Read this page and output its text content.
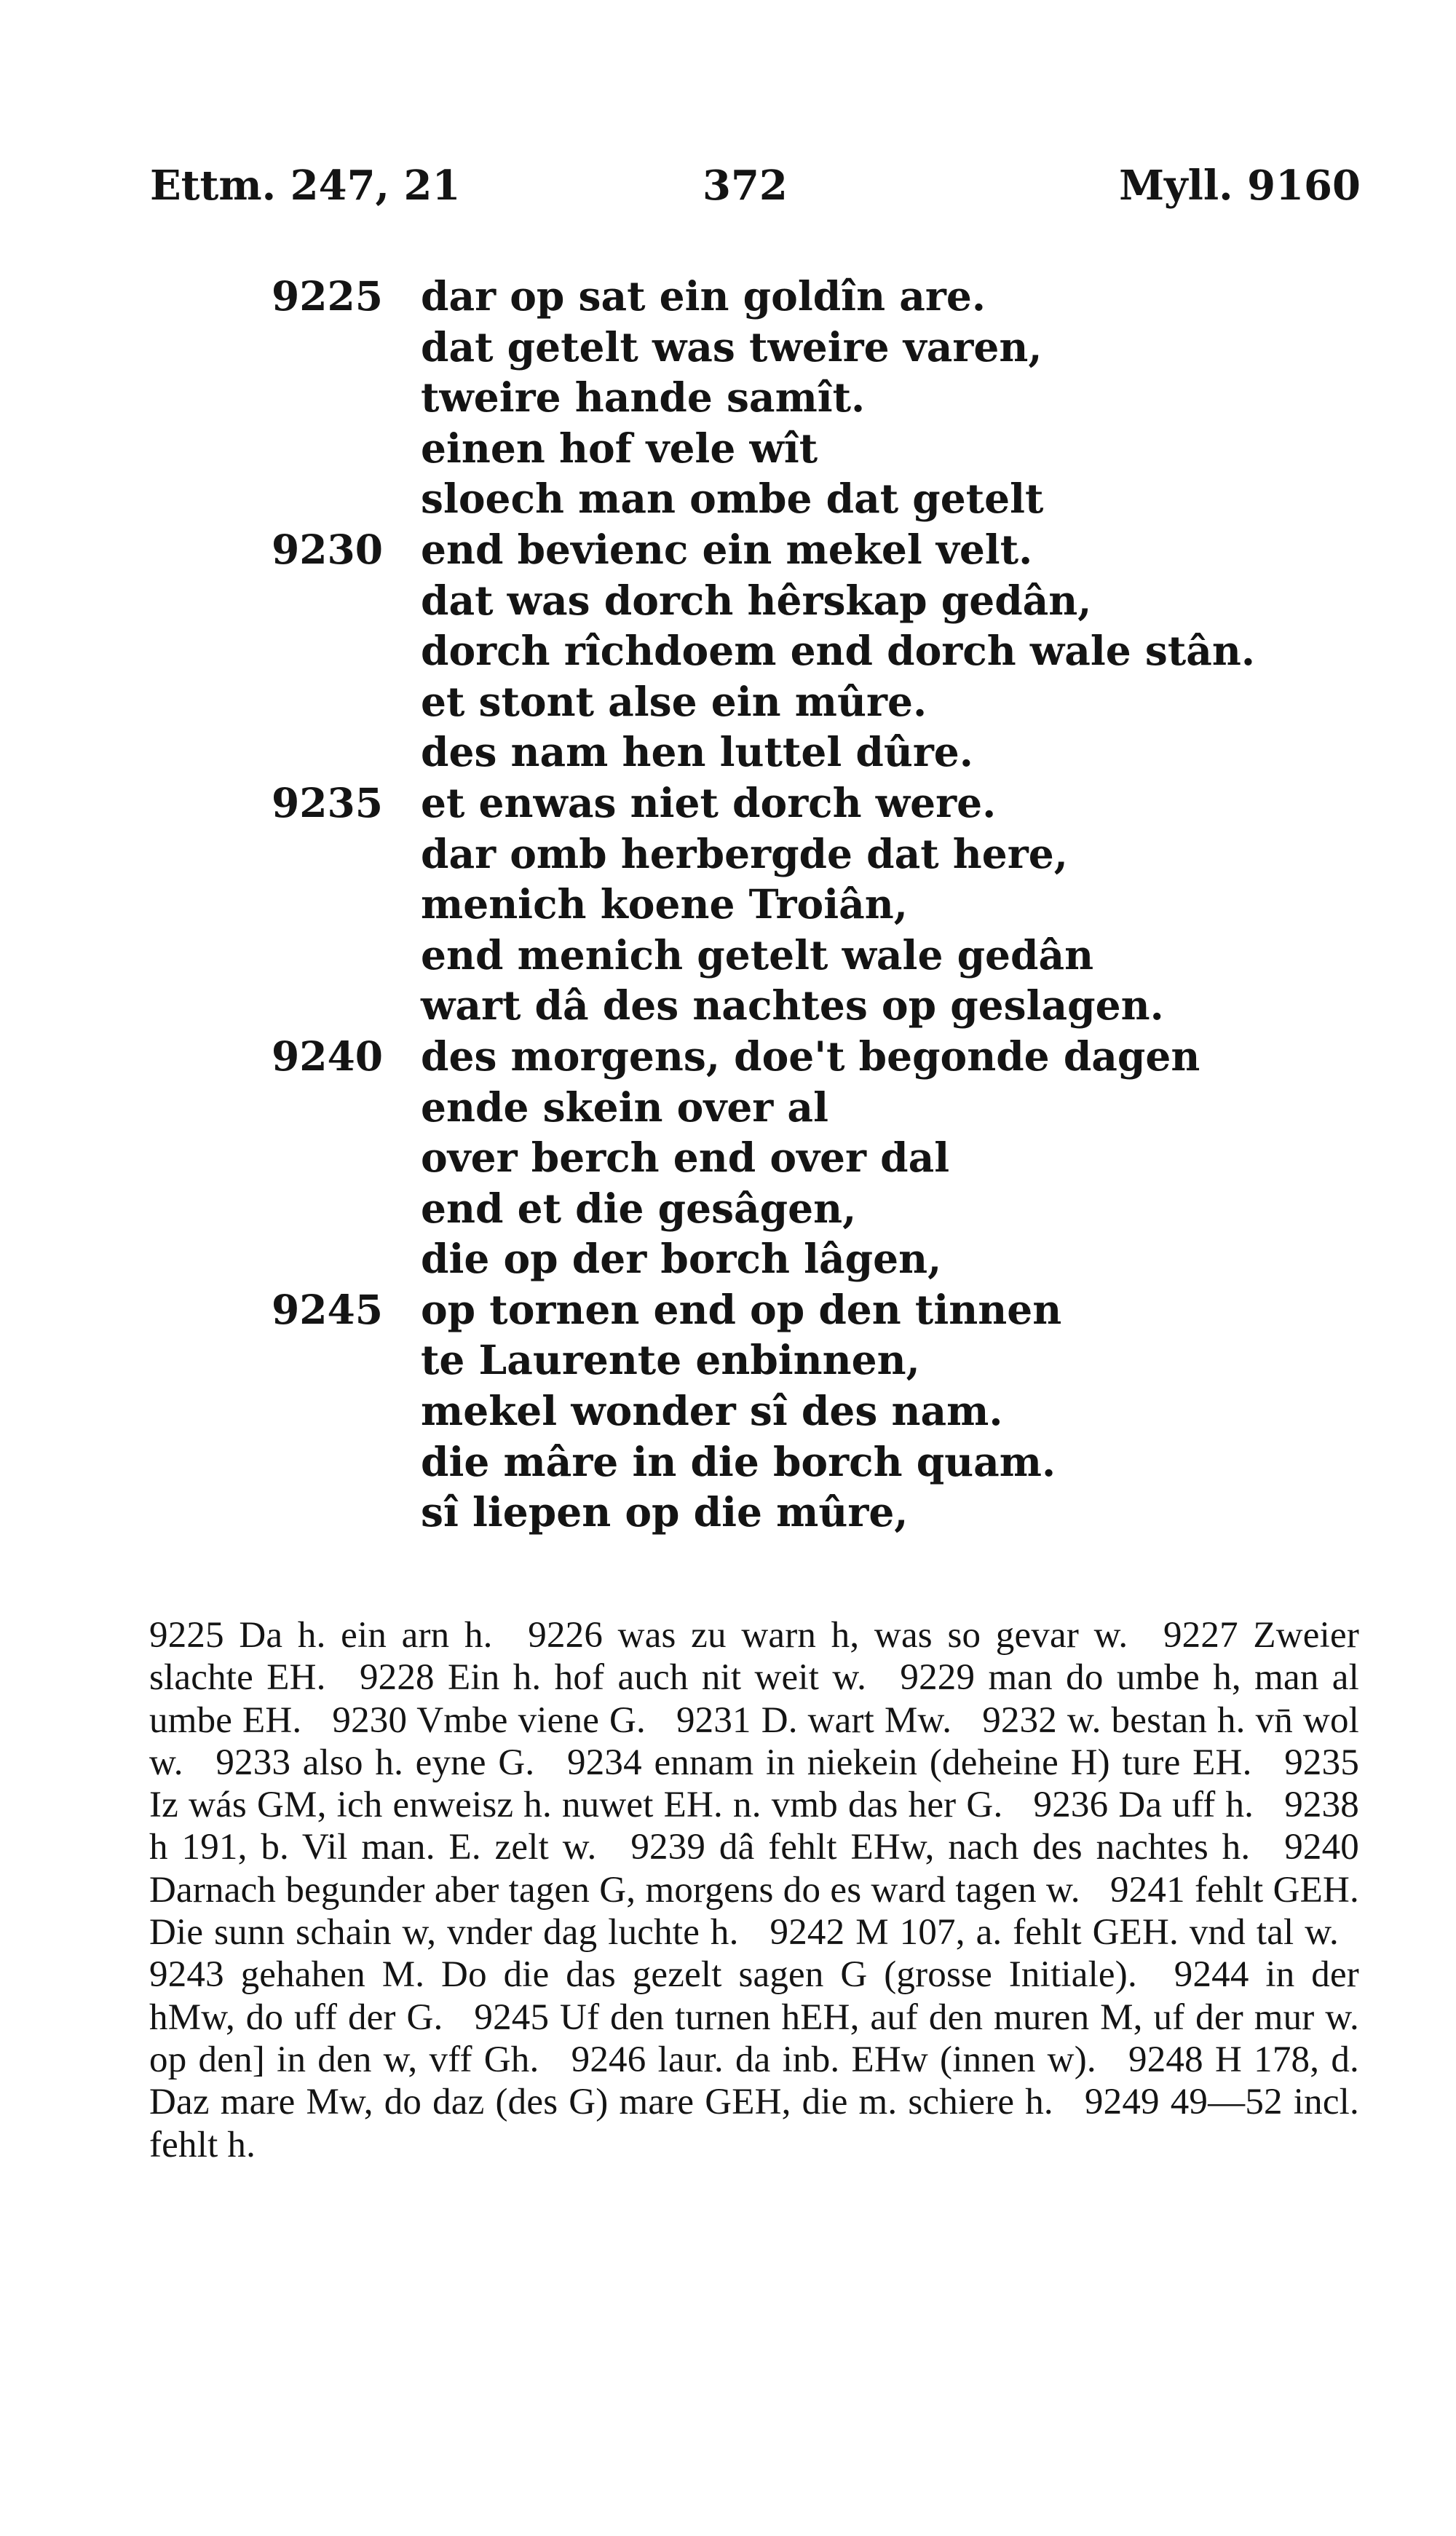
Ettm. 247, 21	372	Myll. 9160
9225 dar op sat ein goldîn are.
dat getelt was tweire varen,
tweire hande samît.
einen hof vele wît
sloech man ombe dat getelt
9230 end bevienc ein mekel velt.
dat was dorch hêrskap gedân,
dorch rîchdoem end dorch wale stân.
et stont alse ein mûre.
des nam hen luttel dûre.
9235 et enwas niet dorch were.
dar omb herbergde dat here,
menich koene Troiân,
end menich getelt wale gedân
wart dâ des nachtes op geslagen.
9240 des morgens, doe't begonde dagen
ende skein over al
over berch end over dal
end et die gesâgen,
die op der borch lâgen,
9245 op tornen end op den tinnen
te Laurente enbinnen,
mekel wonder sî des nam.
die mâre in die borch quam.
sî liepen op die mûre,
9225 Da h. ein arn h. 9226 was zu warn h, was so gevar w. 9227 Zweier slachte EH. 9228 Ein h. hof auch nit weit w. 9229 man do umbe h, man al umbe EH. 9230 Vmbe viene G. 9231 D. wart Mw. 9232 w. bestan h. vn̄ wol w. 9233 also h. eyne G. 9234 ennam in niekein (deheine H) ture EH. 9235 Iz wás GM, ich enweisz h. nuwet EH. n. vmb das her G. 9236 Da uff h. 9238 h 191, b. Vil man. E. zelt w. 9239 dâ fehlt EHw, nach des nachtes h. 9240 Darnach begunder aber tagen G, morgens do es ward tagen w. 9241 fehlt GEH. Die sunn schain w, vnder dag luchte h. 9242 M 107, a. fehlt GEH. vnd tal w. 9243 gehahen M. Do die das gezelt sagen G (grosse Initiale). 9244 in der hMw, do uff der G. 9245 Uf den turnen hEH, auf den muren M, uf der mur w. op den] in den w, vff Gh. 9246 laur. da inb. EHw (innen w). 9248 H 178, d. Daz mare Mw, do daz (des G) mare GEH, die m. schiere h. 9249 49—52 incl. fehlt h.
